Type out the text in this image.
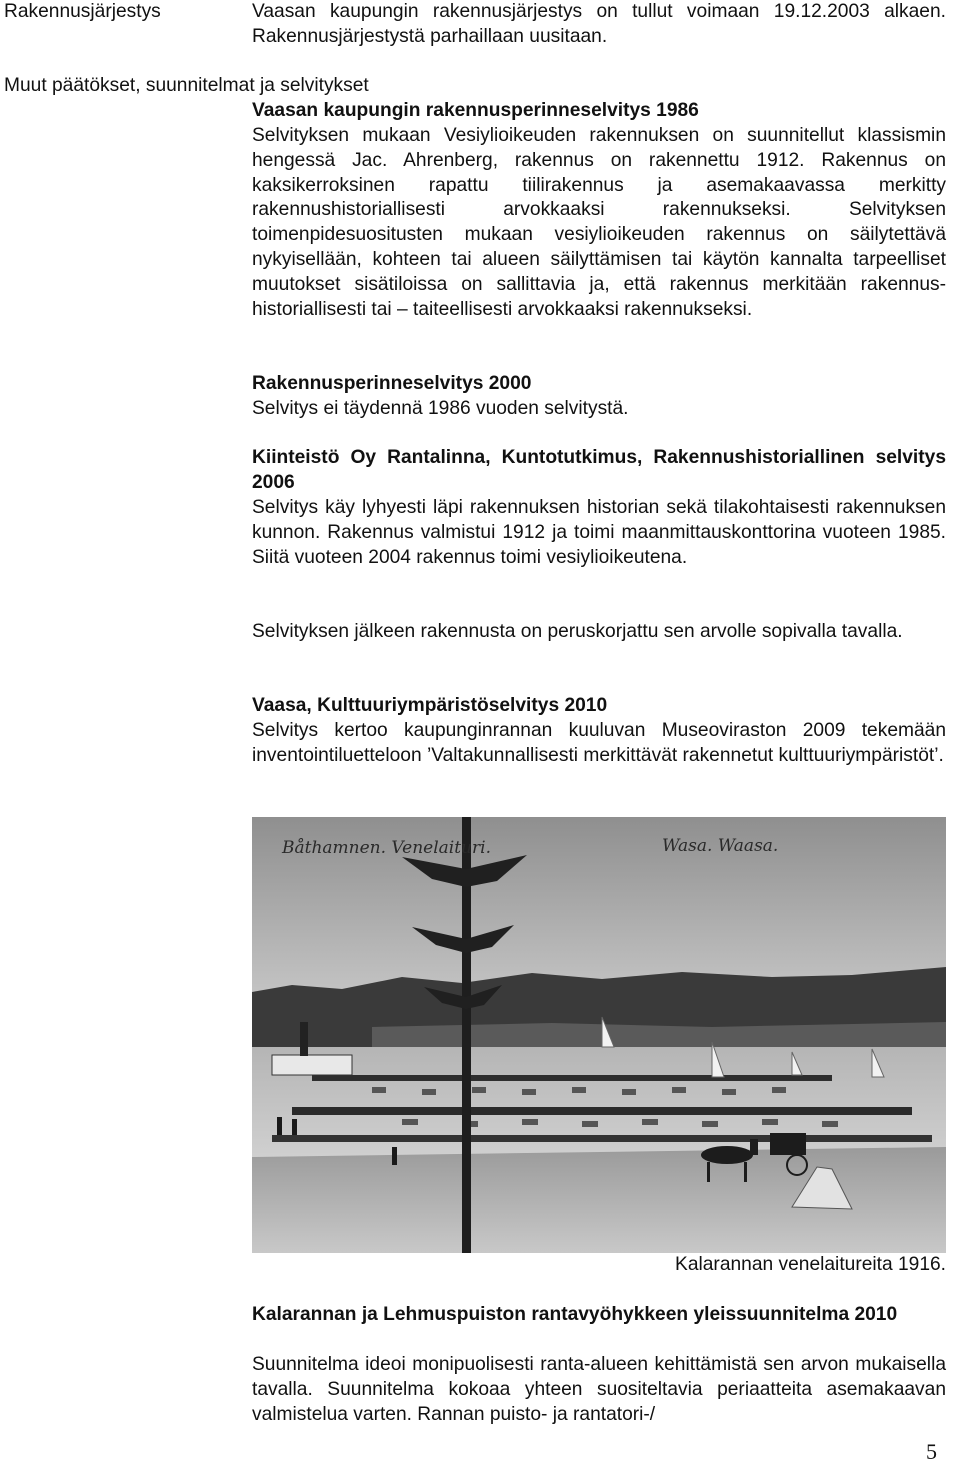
Rakennusjärjestys	Vaasan kaupungin rakennusjärjestys on tullut voimaan 19.12.2003 alkaen. Rakennusjärjestystä parhaillaan uusitaan.

Muut päätökset, suunnitelmat ja selvitykset
Vaasan kaupungin rakennusperinneselvitys 1986

Selvityksen mukaan Vesiylioikeuden rakennuksen on suunnitellut klassismin hengessä Jac. Ahrenberg, rakennus on rakennettu 1912. Rakennus on kaksikerroksinen rapattu tiilirakennus ja asemakaavassa merkitty rakennushistoriallisesti arvokkaaksi rakennukseksi. Selvityksen toimenpidesuositusten mukaan vesiylioikeuden rakennus on säilytettävä nykyisellään, kohteen tai alueen säilyttämisen tai käytön kannalta tarpeelliset muutokset sisätiloissa on sallittavia ja, että rakennus merkitään rakennus-historiallisesti tai – taiteellisesti arvokkaaksi rakennukseksi.

Rakennusperinneselvitys 2000

Selvitys ei täydennä 1986 vuoden selvitystä.

Kiinteistö Oy Rantalinna, Kuntotutkimus, Rakennushistoriallinen selvitys 2006

Selvitys käy lyhyesti läpi rakennuksen historian sekä tilakohtaisesti rakennuksen kunnon. Rakennus valmistui 1912 ja toimi maanmittauskonttorina vuoteen 1985. Siitä vuoteen 2004 rakennus toimi vesiylioikeutena.

Selvityksen jälkeen rakennusta on peruskorjattu sen arvolle sopivalla tavalla.

Vaasa, Kulttuuriympäristöselvitys 2010

Selvitys kertoo kaupunginrannan kuuluvan Museoviraston 2009 tekemään inventointiluetteloon ’Valtakunnallisesti merkittävät rakennetut kulttuuriympäristöt’.

Båthamnen. Venelaituri.	Wasa. Waasa.
Kalarannan venelaitureita 1916.

Kalarannan ja Lehmuspuiston rantavyöhykkeen yleissuunnitelma 2010

Suunnitelma ideoi monipuolisesti ranta-alueen kehittämistä sen arvon mukaisella tavalla. Suunnitelma kokoaa yhteen suositeltavia periaatteita asemakaavan valmistelua varten. Rannan puisto- ja rantatori-/

5
